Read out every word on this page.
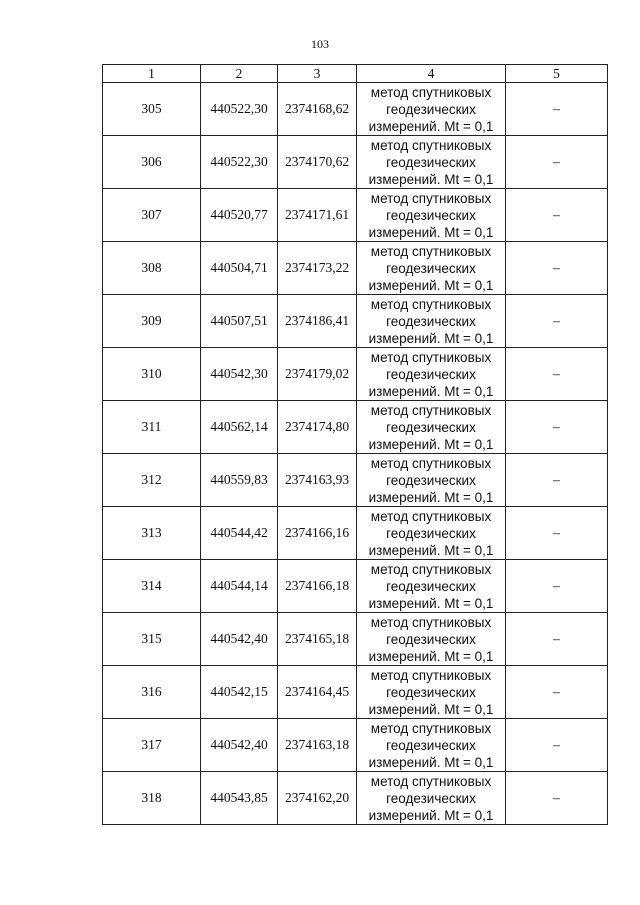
103
1	2	3	4	5
305	440522,30	2374168,62	метод спутниковых
геодезических
измерений. Mt = 0,1	–
306	440522,30	2374170,62	метод спутниковых
геодезических
измерений. Mt = 0,1	–
307	440520,77	2374171,61	метод спутниковых
геодезических
измерений. Mt = 0,1	–
308	440504,71	2374173,22	метод спутниковых
геодезических
измерений. Mt = 0,1	–
309	440507,51	2374186,41	метод спутниковых
геодезических
измерений. Mt = 0,1	–
310	440542,30	2374179,02	метод спутниковых
геодезических
измерений. Mt = 0,1	–
311	440562,14	2374174,80	метод спутниковых
геодезических
измерений. Mt = 0,1	–
312	440559,83	2374163,93	метод спутниковых
геодезических
измерений. Mt = 0,1	–
313	440544,42	2374166,16	метод спутниковых
геодезических
измерений. Mt = 0,1	–
314	440544,14	2374166,18	метод спутниковых
геодезических
измерений. Mt = 0,1	–
315	440542,40	2374165,18	метод спутниковых
геодезических
измерений. Mt = 0,1	–
316	440542,15	2374164,45	метод спутниковых
геодезических
измерений. Mt = 0,1	–
317	440542,40	2374163,18	метод спутниковых
геодезических
измерений. Mt = 0,1	–
318	440543,85	2374162,20	метод спутниковых
геодезических
измерений. Mt = 0,1	–
